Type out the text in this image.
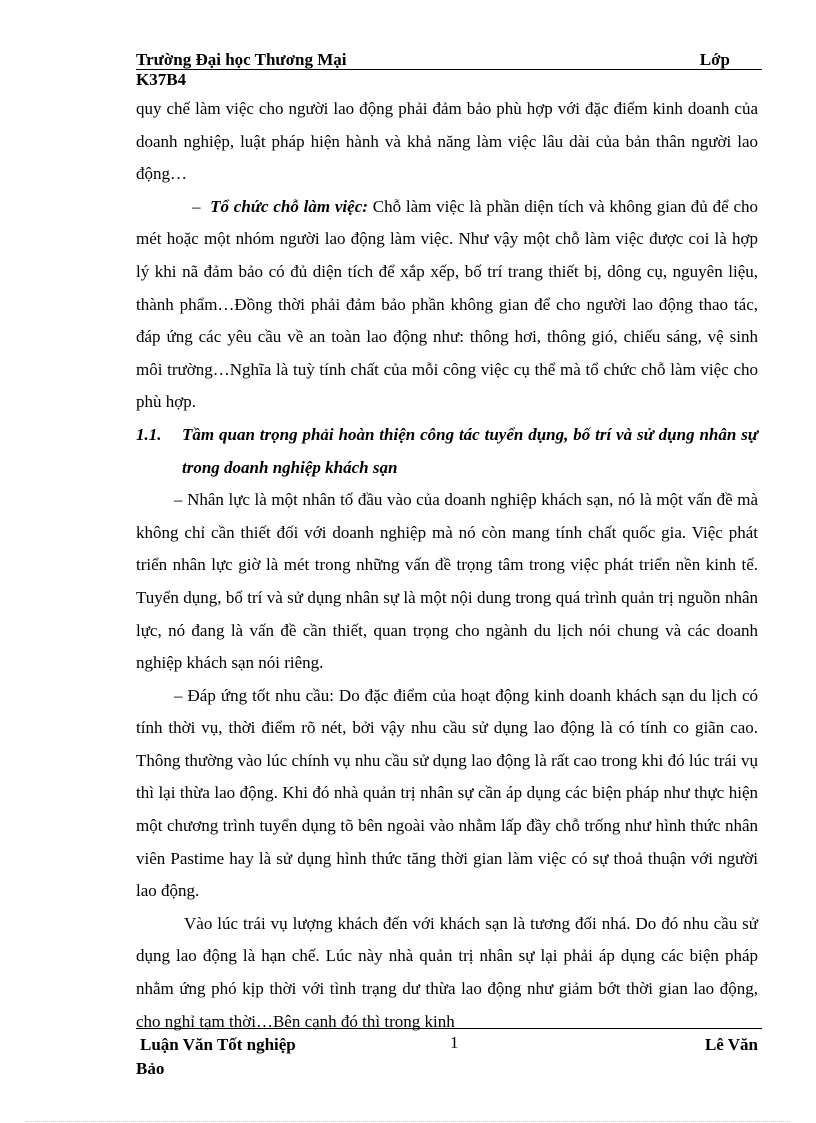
Trường Đại học Thương Mại	Lớp
K37B4

quy chế làm việc cho người lao động phải đảm bảo phù hợp với đặc điểm kinh doanh của doanh nghiệp, luật pháp hiện hành và khả năng làm việc lâu dài của bản thân người lao động…

– Tổ chức chỗ làm việc: Chỗ làm việc là phần diện tích và không gian đủ để cho mét hoặc một nhóm người lao động làm việc. Như vậy một chỗ làm việc được coi là hợp lý khi nã đảm bảo có đủ diện tích để xắp xếp, bố trí trang thiết bị, dông cụ, nguyên liệu, thành phẩm…Đồng thời phải đảm bảo phần không gian để cho người lao động thao tác, đáp ứng các yêu cầu về an toàn lao động như: thông hơi, thông gió, chiếu sáng, vệ sinh môi trường…Nghĩa là tuỳ tính chất của mỗi công việc cụ thể mà tổ chức chỗ làm việc cho phù hợp.

1.1. Tầm quan trọng phải hoàn thiện công tác tuyển dụng, bố trí và sử dụng nhân sự trong doanh nghiệp khách sạn

– Nhân lực là một nhân tố đầu vào của doanh nghiệp khách sạn, nó là một vấn đề mà không chỉ cần thiết đối với doanh nghiệp mà nó còn mang tính chất quốc gia. Việc phát triển nhân lực giờ là mét trong những vấn đề trọng tâm trong việc phát triển nền kinh tế. Tuyển dụng, bố trí và sử dụng nhân sự là một nội dung trong quá trình quản trị nguồn nhân lực, nó đang là vấn đề cần thiết, quan trọng cho ngành du lịch nói chung và các doanh nghiệp khách sạn nói riêng.

– Đáp ứng tốt nhu cầu: Do đặc điểm của hoạt động kinh doanh khách sạn du lịch có tính thời vụ, thời điểm rõ nét, bởi vậy nhu cầu sử dụng lao động là có tính co giãn cao. Thông thường vào lúc chính vụ nhu cầu sử dụng lao động là rất cao trong khi đó lúc trái vụ thì lại thừa lao động. Khi đó nhà quản trị nhân sự cần áp dụng các biện pháp như thực hiện một chương trình tuyển dụng tõ bên ngoài vào nhằm lấp đầy chỗ trống như hình thức nhân viên Pastime hay là sử dụng hình thức tăng thời gian làm việc có sự thoả thuận với người lao động.

Vào lúc trái vụ lượng khách đến với khách sạn là tương đối nhá. Do đó nhu cầu sử dụng lao động là hạn chế. Lúc này nhà quản trị nhân sự lại phải áp dụng các biện pháp nhằm ứng phó kịp thời với tình trạng dư thừa lao động như giảm bớt thời gian lao động, cho nghỉ tạm thời…Bên cạnh đó thì trong kinh

Luận Văn Tốt nghiệp	1	Lê Văn
Bảo
